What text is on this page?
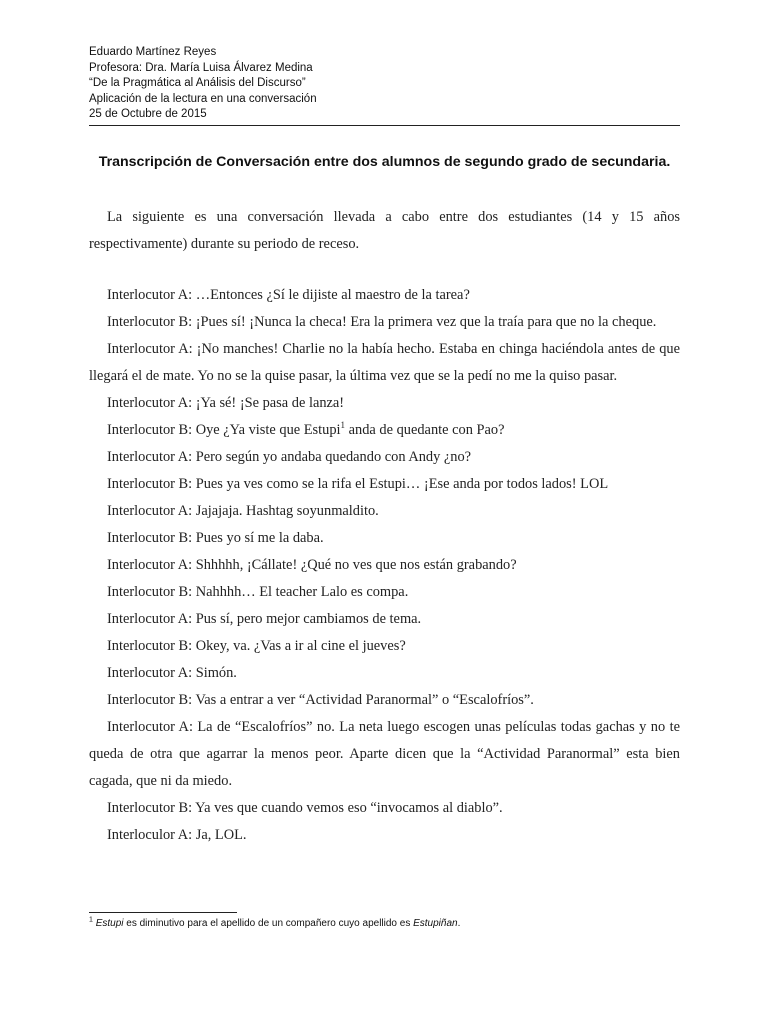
Eduardo Martínez Reyes
Profesora: Dra. María Luisa Álvarez Medina
“De la Pragmática al Análisis del Discurso”
Aplicación de la lectura en una conversación
25 de Octubre de 2015
Transcripción de Conversación entre dos alumnos de segundo grado de secundaria.

La siguiente es una conversación llevada a cabo entre dos estudiantes (14 y 15 años respectivamente) durante su periodo de receso.

Interlocutor A: …Entonces ¿Sí le dijiste al maestro de la tarea?

Interlocutor B: ¡Pues sí! ¡Nunca la checa! Era la primera vez que la traía para que no la cheque.

Interlocutor A: ¡No manches! Charlie no la había hecho. Estaba en chinga haciéndola antes de que llegará el de mate. Yo no se la quise pasar, la última vez que se la pedí no me la quiso pasar.

Interlocutor A: ¡Ya sé! ¡Se pasa de lanza!

Interlocutor B: Oye ¿Ya viste que Estupi$^1$ anda de quedante con Pao?

Interlocutor A: Pero según yo andaba quedando con Andy ¿no?

Interlocutor B: Pues ya ves como se la rifa el Estupi… ¡Ese anda por todos lados! LOL

Interlocutor A: Jajajaja. Hashtag soyunmaldito.

Interlocutor B: Pues yo sí me la daba.

Interlocutor A: Shhhhh, ¡Cállate! ¿Qué no ves que nos están grabando?

Interlocutor B: Nahhhh… El teacher Lalo es compa.

Interlocutor A: Pus sí, pero mejor cambiamos de tema.

Interlocutor B: Okey, va. ¿Vas a ir al cine el jueves?

Interlocutor A: Simón.

Interlocutor B: Vas a entrar a ver “Actividad Paranormal” o “Escalofríos”.

Interlocutor A: La de “Escalofríos” no. La neta luego escogen unas películas todas gachas y no te queda de otra que agarrar la menos peor. Aparte dicen que la “Actividad Paranormal” esta bien cagada, que ni da miedo.

Interlocutor B: Ya ves que cuando vemos eso “invocamos al diablo”.

Interloculor A: Ja, LOL.

$^1$ Estupi es diminutivo para el apellido de un compañero cuyo apellido es Estupiñan.
